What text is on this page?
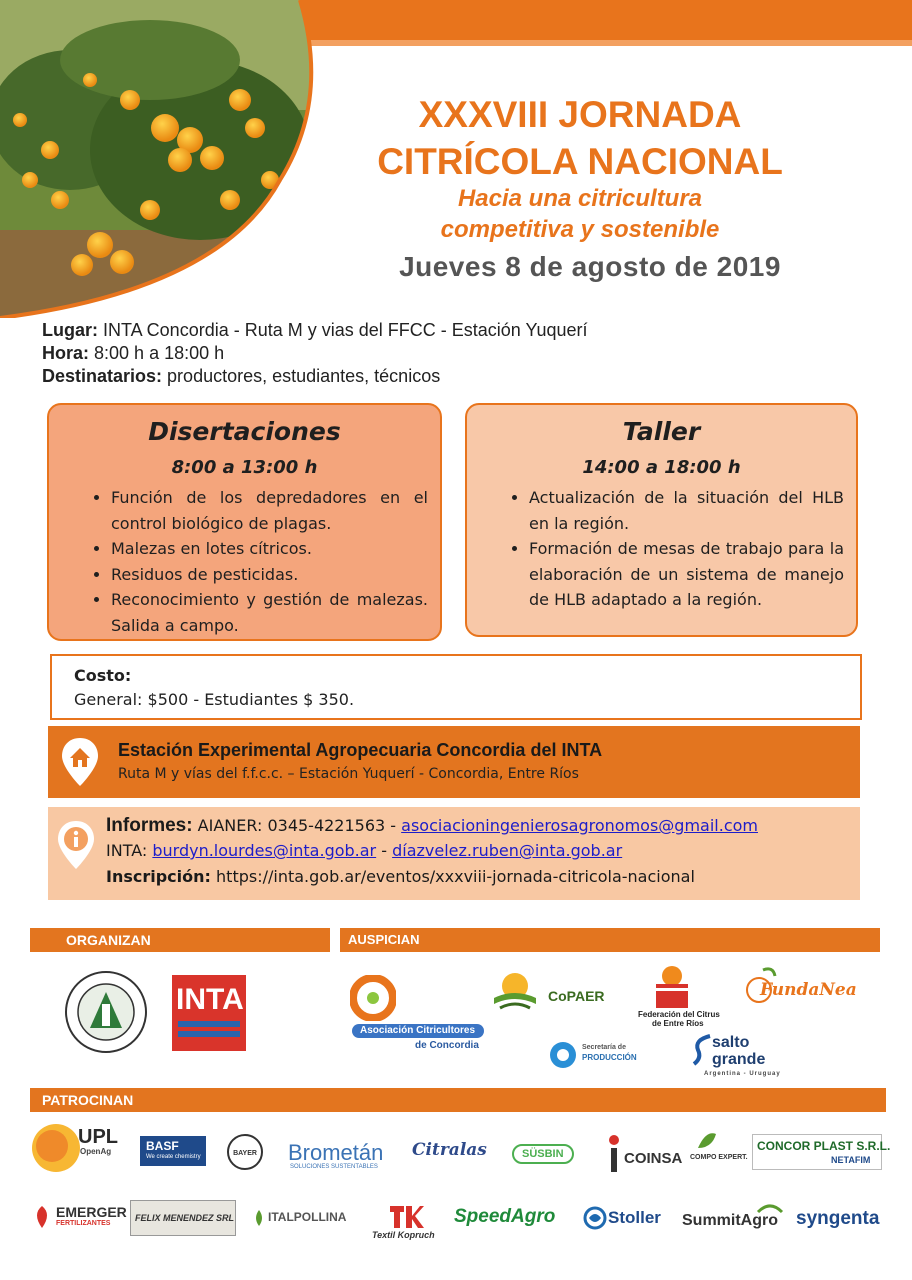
XXXVIII JORNADA
CITRÍCOLA NACIONAL
Hacia una citricultura
competitiva y sostenible
Jueves 8 de agosto de 2019
Lugar: INTA Concordia - Ruta M y vias del FFCC - Estación Yuquerí
Hora: 8:00 h a 18:00 h
Destinatarios: productores, estudiantes, técnicos
Disertaciones
8:00 a 13:00 h
• Función de los depredadores en el control biológico de plagas.
• Malezas en lotes cítricos.
• Residuos de pesticidas.
• Reconocimiento y gestión de malezas. Salida a campo.
Taller
14:00 a 18:00 h
• Actualización de la situación del HLB en la región.
• Formación de mesas de trabajo para la elaboración de un sistema de manejo de HLB adaptado a la región.
Costo:
General: $500 - Estudiantes $ 350.
Estación Experimental Agropecuaria Concordia del INTA
Ruta M y vías del f.f.c.c. – Estación Yuquerí - Concordia, Entre Ríos
Informes: AIANER: 0345-4221563 - asociacioningenierosagronomos@gmail.com
INTA: burdyn.lourdes@inta.gob.ar - díazvelez.ruben@inta.gob.ar
Inscripción: https://inta.gob.ar/eventos/xxxviii-jornada-citricola-nacional
ORGANIZAN	AUSPICIAN
PATROCINAN
INTA
Asociación Citricultores
de Concordia
CoPAER
Federación del Citrus
de Entre Ríos
FundaNea
Secretaría de
PRODUCCIÓN
salto
grande
Argentina - Uruguay
UPL
OpenAg	BASF
We create chemistry	BAYER Brometán
SOLUCIONES SUSTENTABLES
Citralas	SÜSBIN	COINSA COMPO EXPERT.
CONCOR PLAST S.R.L.
NETAFIM
EMERGER
FERTILIZANTES
FELIX MENENDEZ SRL	ITALPOLLINA
Textil Kopruch
SpeedAgro	Stoller SummitAgro syngenta
